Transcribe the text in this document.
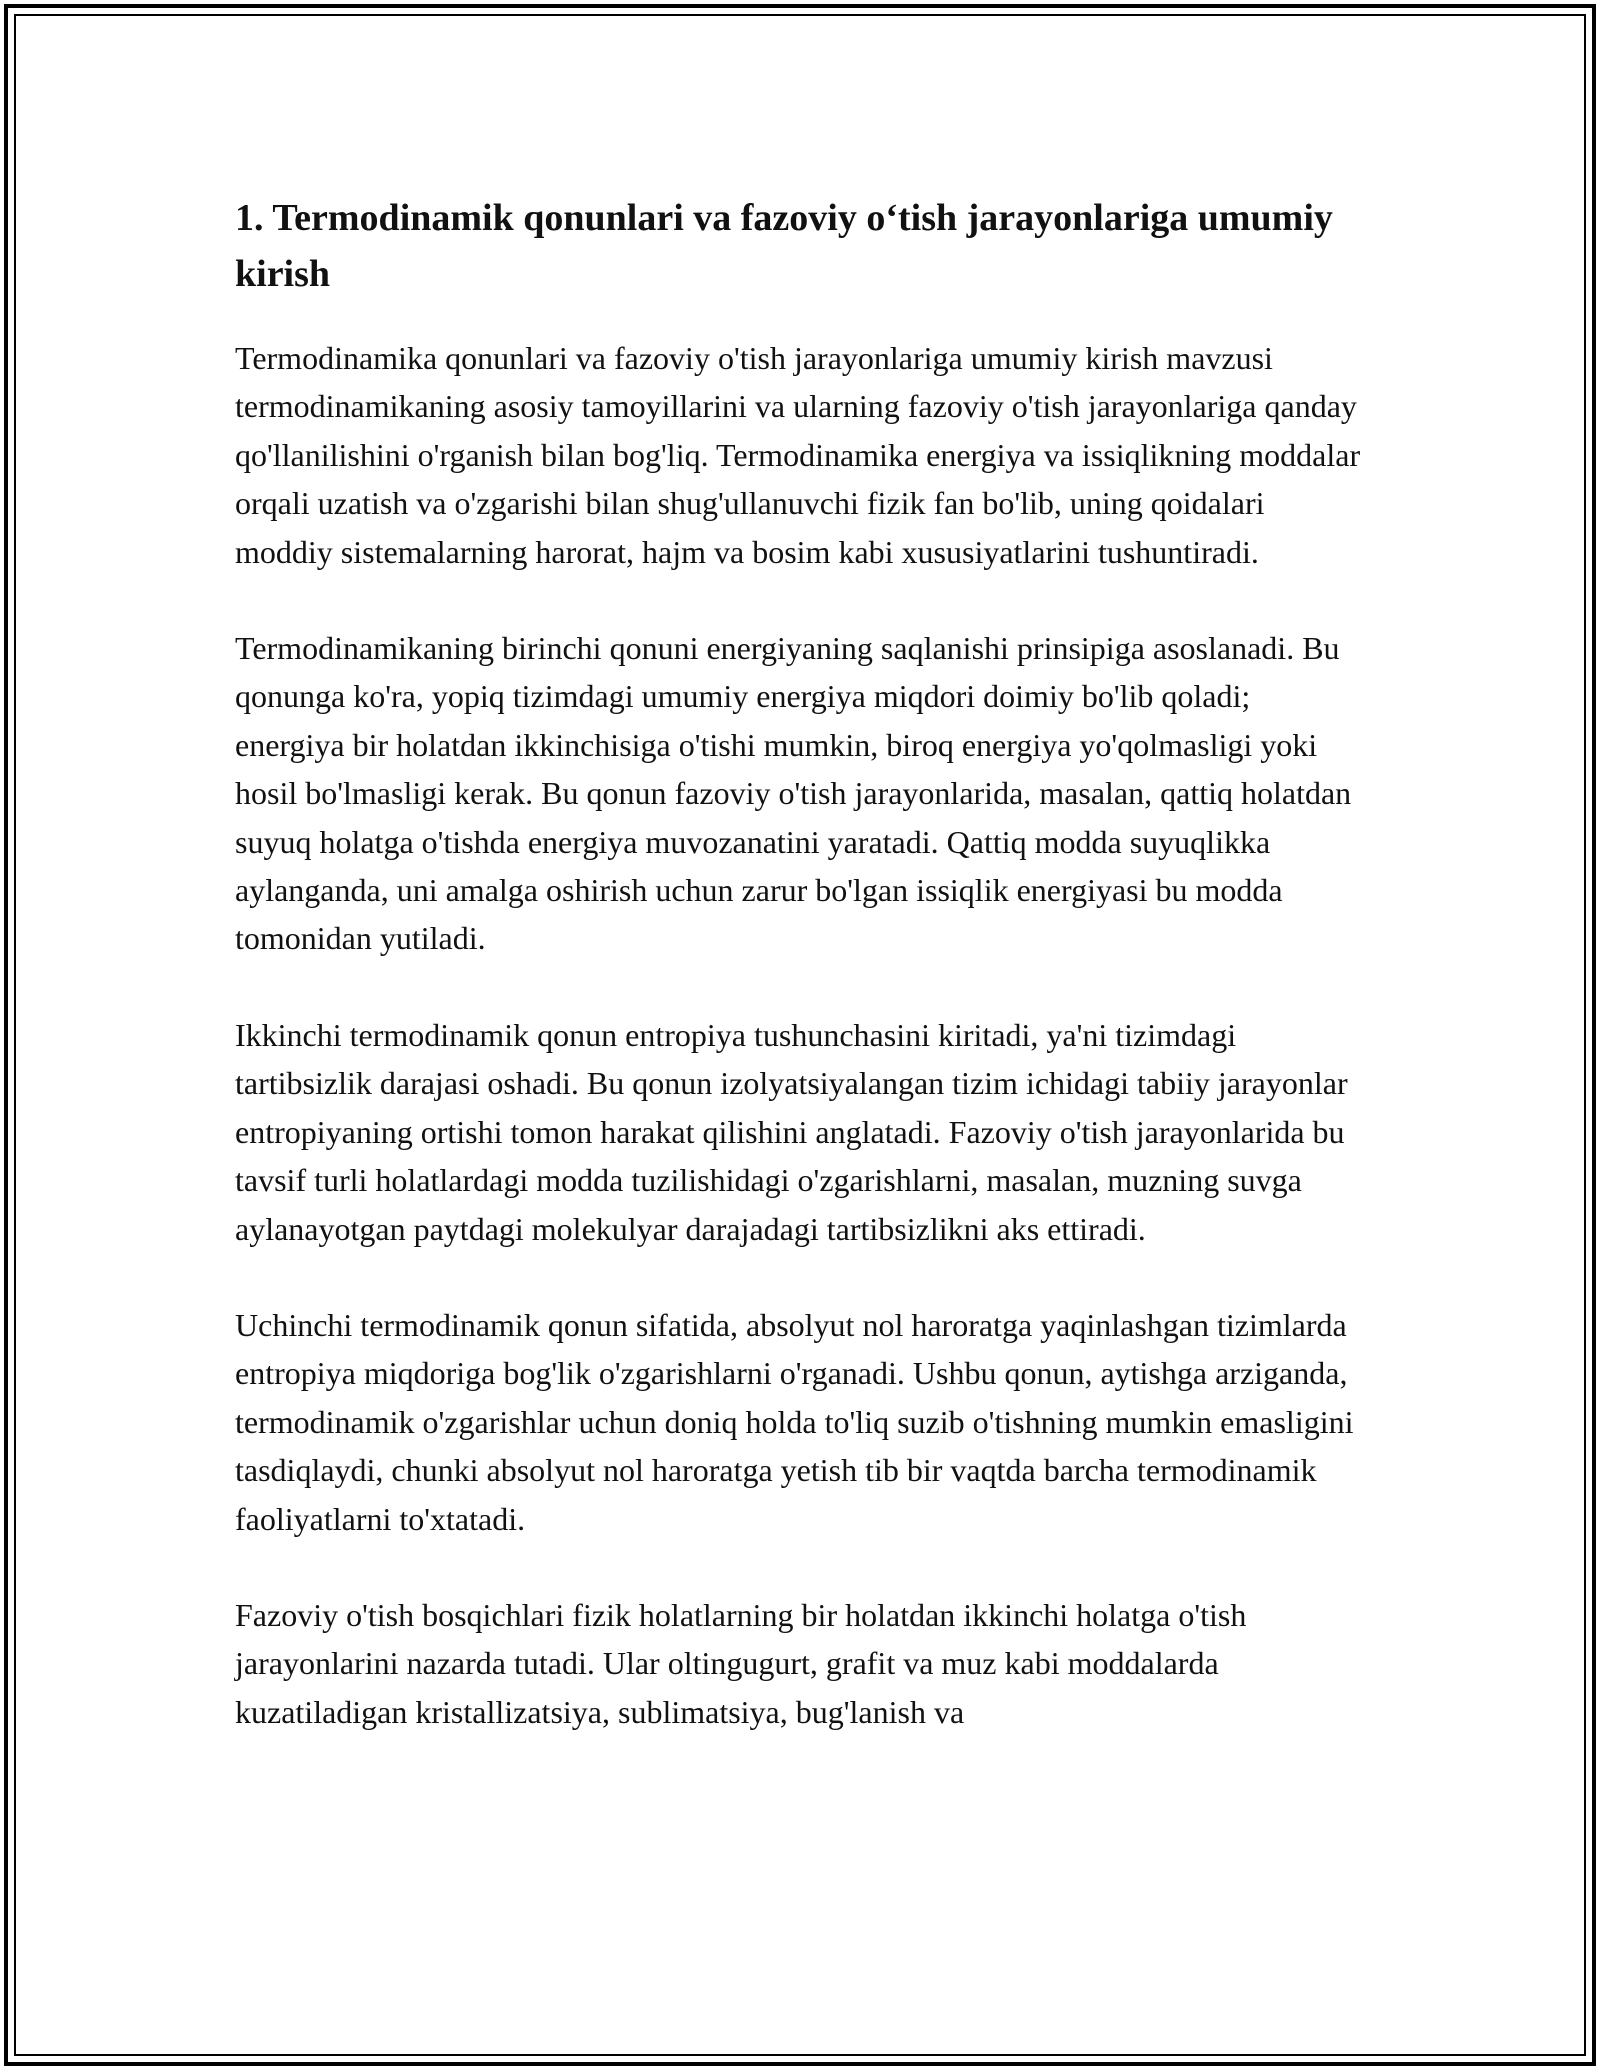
1. Termodinamik qonunlari va fazoviy o‘tish jarayonlariga umumiy kirish

Termodinamika qonunlari va fazoviy o'tish jarayonlariga umumiy kirish mavzusi termodinamikaning asosiy tamoyillarini va ularning fazoviy o'tish jarayonlariga qanday qo'llanilishini o'rganish bilan bog'liq. Termodinamika energiya va issiqlikning moddalar orqali uzatish va o'zgarishi bilan shug'ullanuvchi fizik fan bo'lib, uning qoidalari moddiy sistemalarning harorat, hajm va bosim kabi xususiyatlarini tushuntiradi.

Termodinamikaning birinchi qonuni energiyaning saqlanishi prinsipiga asoslanadi. Bu qonunga ko'ra, yopiq tizimdagi umumiy energiya miqdori doimiy bo'lib qoladi; energiya bir holatdan ikkinchisiga o'tishi mumkin, biroq energiya yo'qolmasligi yoki hosil bo'lmasligi kerak. Bu qonun fazoviy o'tish jarayonlarida, masalan, qattiq holatdan suyuq holatga o'tishda energiya muvozanatini yaratadi. Qattiq modda suyuqlikka aylanganda, uni amalga oshirish uchun zarur bo'lgan issiqlik energiyasi bu modda tomonidan yutiladi.

Ikkinchi termodinamik qonun entropiya tushunchasini kiritadi, ya'ni tizimdagi tartibsizlik darajasi oshadi. Bu qonun izolyatsiyalangan tizim ichidagi tabiiy jarayonlar entropiyaning ortishi tomon harakat qilishini anglatadi. Fazoviy o'tish jarayonlarida bu tavsif turli holatlardagi modda tuzilishidagi o'zgarishlarni, masalan, muzning suvga aylanayotgan paytdagi molekulyar darajadagi tartibsizlikni aks ettiradi.

Uchinchi termodinamik qonun sifatida, absolyut nol haroratga yaqinlashgan tizimlarda entropiya miqdoriga bog'lik o'zgarishlarni o'rganadi. Ushbu qonun, aytishga arziganda, termodinamik o'zgarishlar uchun doniq holda to'liq suzib o'tishning mumkin emasligini tasdiqlaydi, chunki absolyut nol haroratga yetish tib bir vaqtda barcha termodinamik faoliyatlarni to'xtatadi.

Fazoviy o'tish bosqichlari fizik holatlarning bir holatdan ikkinchi holatga o'tish jarayonlarini nazarda tutadi. Ular oltingugurt, grafit va muz kabi moddalarda kuzatiladigan kristallizatsiya, sublimatsiya, bug'lanish va
